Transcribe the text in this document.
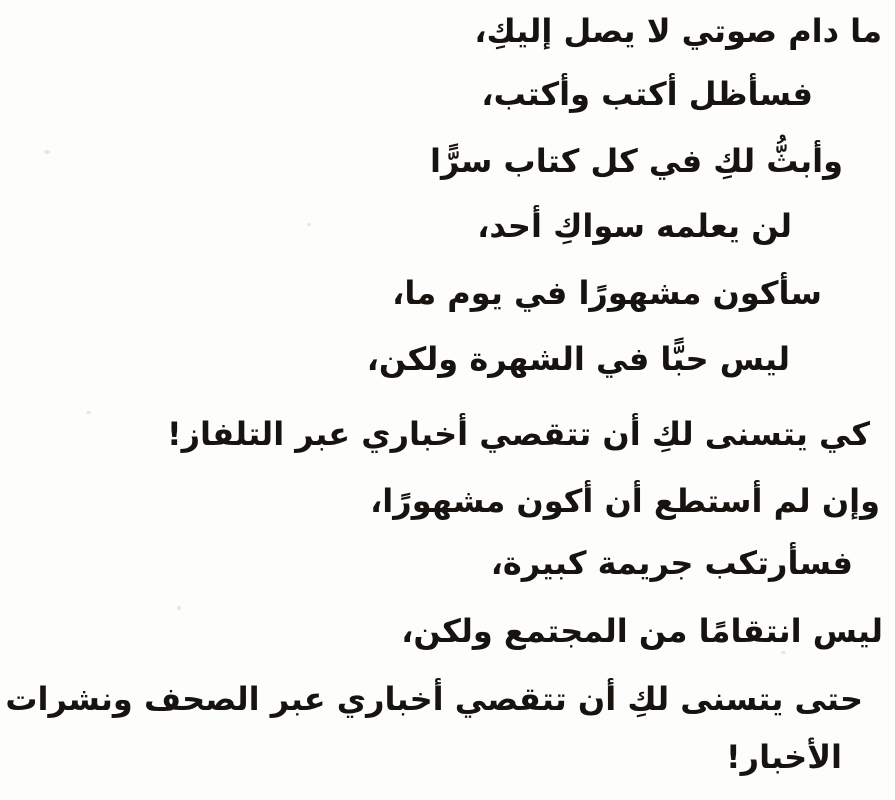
ما دام صوتي لا يصل إليكِ،
فسأظل أكتب وأكتب،
وأبثُّ لكِ في كل كتاب سرًّا
لن يعلمه سواكِ أحد،
سأكون مشهورًا في يوم ما،
ليس حبًّا في الشهرة ولكن،
كي يتسنى لكِ أن تتقصي أخباري عبر التلفاز!
وإن لم أستطع أن أكون مشهورًا،
فسأرتكب جريمة كبيرة،
ليس انتقامًا من المجتمع ولكن،
حتى يتسنى لكِ أن تتقصي أخباري عبر الصحف ونشرات
الأخبار!
